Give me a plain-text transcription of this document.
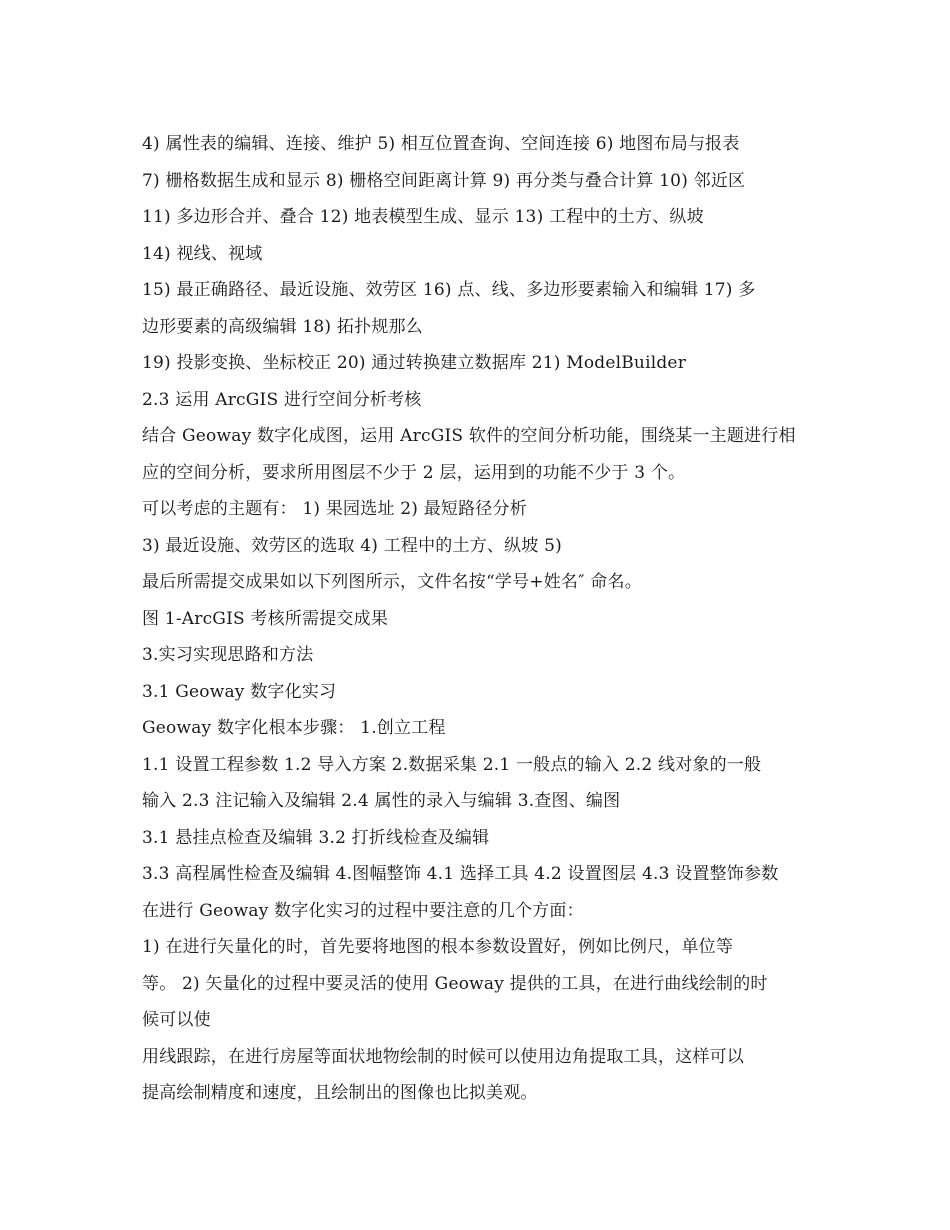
4) 属性表的编辑、连接、维护 5) 相互位置查询、空间连接 6) 地图布局与报表
7) 栅格数据生成和显示 8) 栅格空间距离计算 9) 再分类与叠合计算 10) 邻近区
11) 多边形合并、叠合 12) 地表模型生成、显示 13) 工程中的土方、纵坡
14) 视线、视域
15) 最正确路径、最近设施、效劳区 16) 点、线、多边形要素输入和编辑 17) 多
边形要素的高级编辑 18) 拓扑规那么
19) 投影变换、坐标校正 20) 通过转换建立数据库 21) ModelBuilder
2.3 运用 ArcGIS 进行空间分析考核
结合 Geoway 数字化成图，运用 ArcGIS 软件的空间分析功能，围绕某一主题进行相
应的空间分析，要求所用图层不少于 2 层，运用到的功能不少于 3 个。
可以考虑的主题有： 1) 果园选址 2) 最短路径分析
3) 最近设施、效劳区的选取 4) 工程中的土方、纵坡 5)
最后所需提交成果如以下列图所示，文件名按“学号+姓名″ 命名。
图 1-ArcGIS 考核所需提交成果
3.实习实现思路和方法
3.1 Geoway 数字化实习
Geoway 数字化根本步骤： 1.创立工程
1.1 设置工程参数 1.2 导入方案 2.数据采集 2.1 一般点的输入 2.2 线对象的一般
输入 2.3 注记输入及编辑 2.4 属性的录入与编辑 3.查图、编图
3.1 悬挂点检查及编辑 3.2 打折线检查及编辑
3.3 高程属性检查及编辑 4.图幅整饰 4.1 选择工具 4.2 设置图层 4.3 设置整饰参数
在进行 Geoway 数字化实习的过程中要注意的几个方面：
1) 在进行矢量化的时，首先要将地图的根本参数设置好，例如比例尺，单位等
等。 2) 矢量化的过程中要灵活的使用 Geoway 提供的工具，在进行曲线绘制的时
候可以使
用线跟踪，在进行房屋等面状地物绘制的时候可以使用边角提取工具，这样可以
提高绘制精度和速度，且绘制出的图像也比拟美观。
